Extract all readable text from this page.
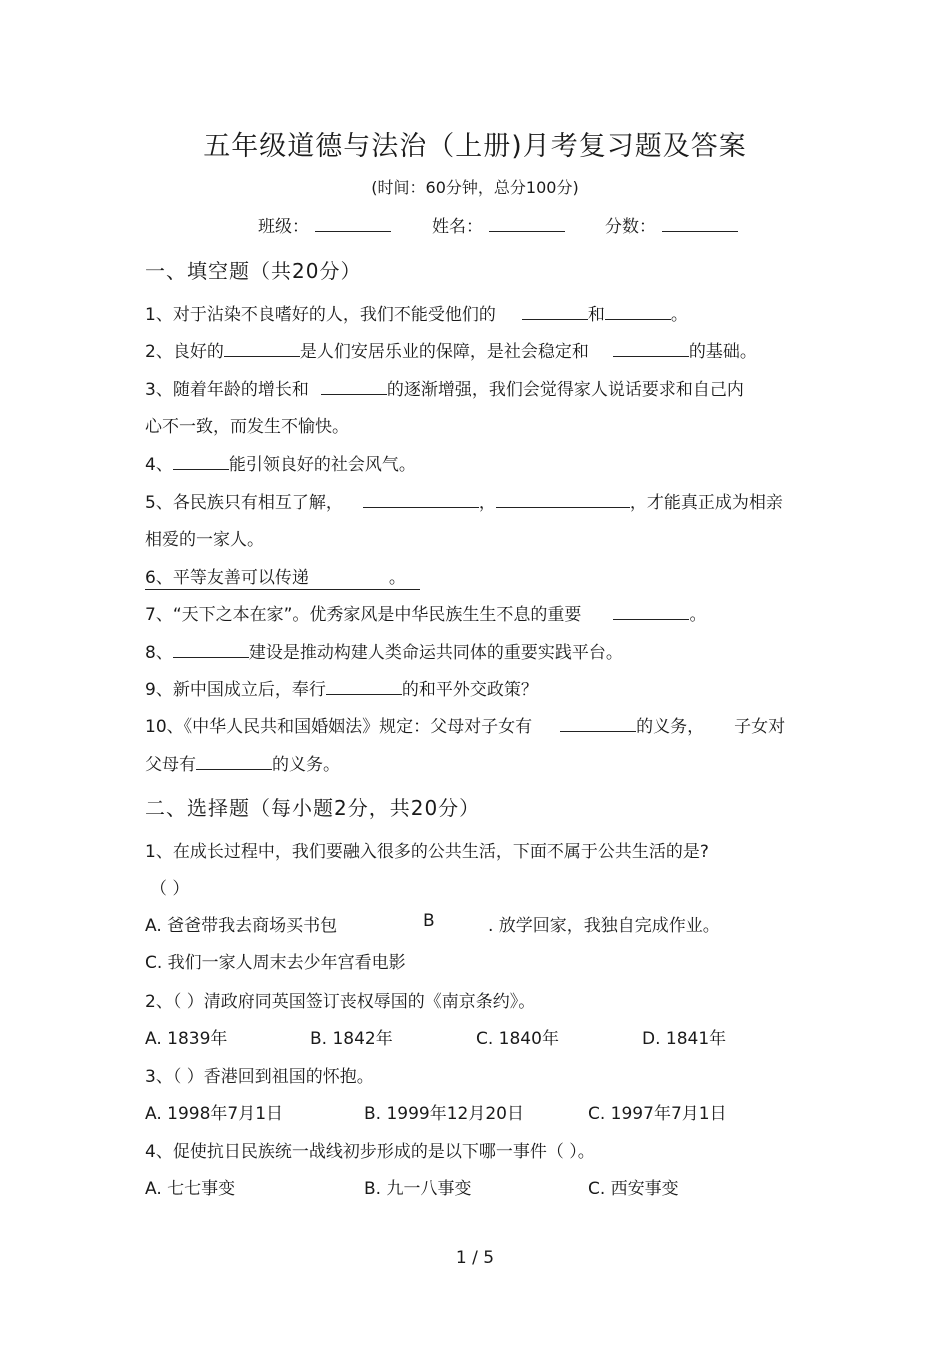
五年级道德与法治（上册)月考复习题及答案
(时间：60分钟，总分100分)
班级：	姓名：	分数：
一、填空题（共20分）
1、对于沾染不良嗜好的人，我们不能受他们的	和	。
2、良好的	是人们安居乐业的保障，是社会稳定和	的基础。
3、随着年龄的增长和	的逐渐增强，我们会觉得家人说话要求和自己内
心不一致，而发生不愉快。
4、	能引领良好的社会风气。
5、各民族只有相互了解，	，	，才能真正成为相亲
相爱的一家人。
6、平等友善可以传递	。
7、“天下之本在家”。优秀家风是中华民族生生不息的重要	。
8、	建设是推动构建人类命运共同体的重要实践平台。
9、新中国成立后，奉行	的和平外交政策？
10、《中华人民共和国婚姻法》规定：父母对子女有	的义务， 子女对
父母有	的义务。
二、选择题（每小题2分，共20分）
1、在成长过程中，我们要融入很多的公共生活，下面不属于公共生活的是?
（ ）
A. 爸爸带我去商场买书包	B	. 放学回家，我独自完成作业。
C. 我们一家人周末去少年宫看电影
2、（ ）清政府同英国签订丧权辱国的《南京条约》。
A. 1839年	B. 1842年	C. 1840年	D. 1841年
3、（ ）香港回到祖国的怀抱。
A. 1998年7月1日	B. 1999年12月20日	C. 1997年7月1日
4、促使抗日民族统一战线初步形成的是以下哪一事件（ ）。
A. 七七事变	B. 九一八事变	C. 西安事变
1 / 5
